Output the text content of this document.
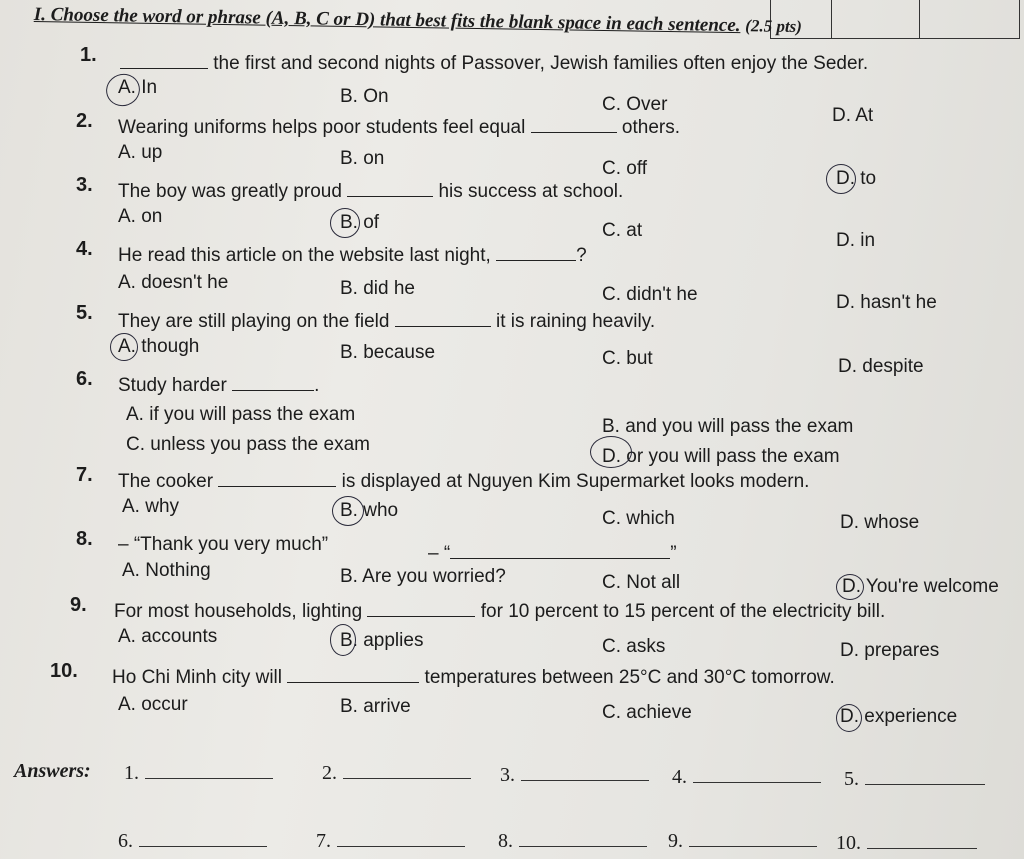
I. Choose the word or phrase (A, B, C or D) that best fits the blank space in each sentence. (2.5 pts)
1.	the first and second nights of Passover, Jewish families often enjoy the Seder.
A. In	B. On	C. Over
D. At
2. Wearing uniforms helps poor students feel equal	others.
A. up	B. on	C. off	D. to
3. The boy was greatly proud	his success at school.
A. on	B. of	C. at	D. in
4. He read this article on the website last night,	?
A. doesn't he	B. did he	C. didn't he	D. hasn't he
5. They are still playing on the field	it is raining heavily.
A. though	B. because	C. but	D. despite
6. Study harder	.
A. if you will pass the exam
B. and you will pass the exam
C. unless you pass the exam
D. or you will pass the exam
7. The cooker	is displayed at Nguyen Kim Supermarket looks modern.
A. why	B. who	C. which	D. whose
8. – “Thank you very much”	– “	”
A. Nothing	B. Are you worried?	C. Not all	D. You're welcome
9. For most households, lighting	for 10 percent to 15 percent of the electricity bill.
A. accounts	B. applies	C. asks	D. prepares
10. Ho Chi Minh city will	temperatures between 25°C and 30°C tomorrow.
A. occur	B. arrive	C. achieve	D. experience
Answers: 1.	2.	3.	4.	5.
6.	7.	8.	9.	10.
